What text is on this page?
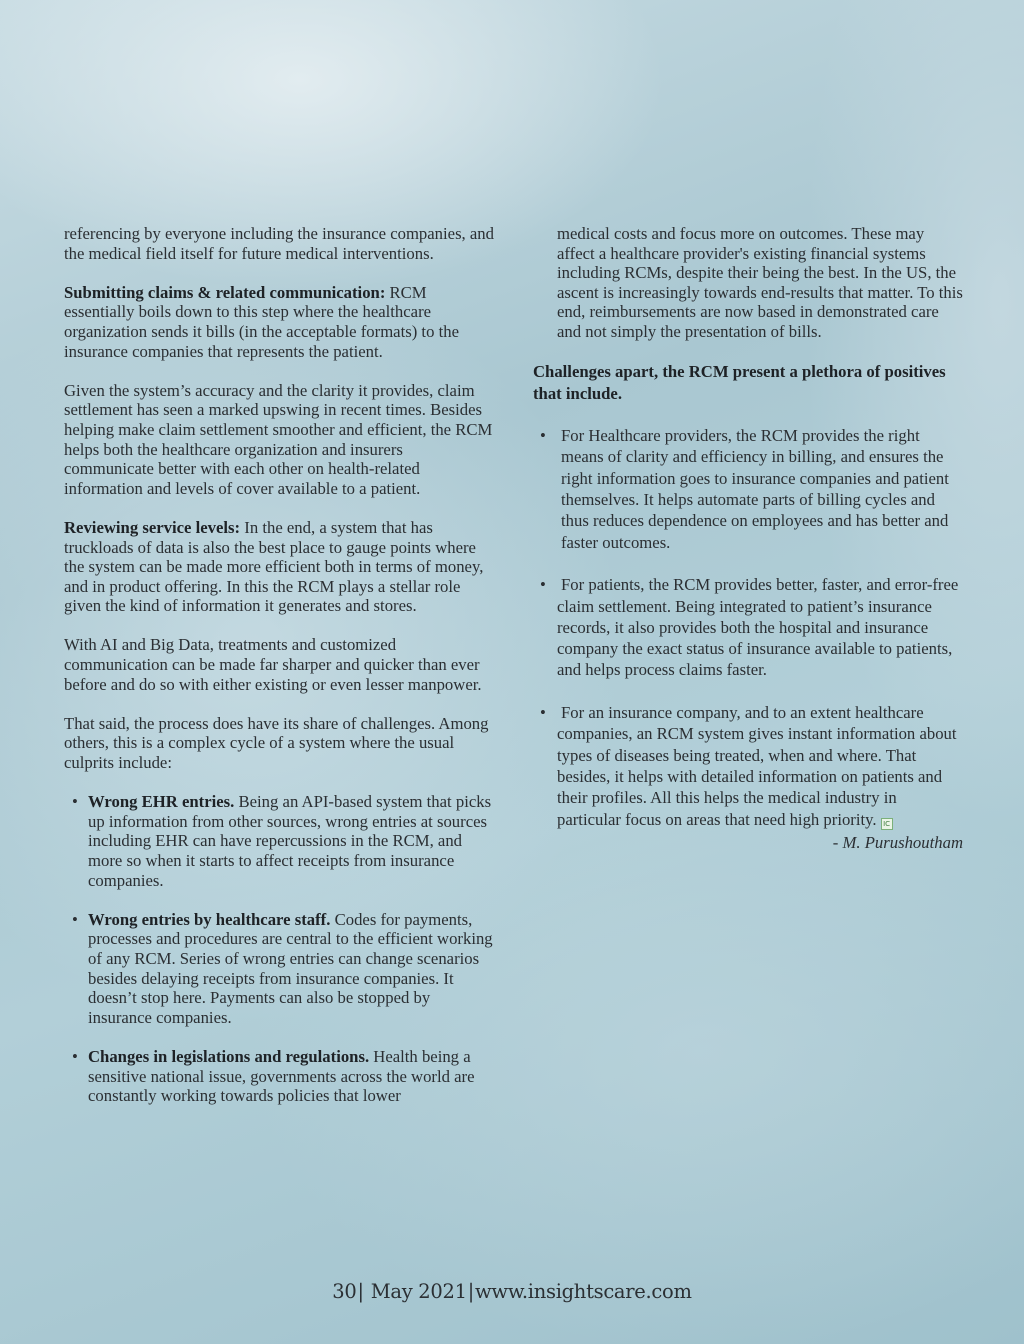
referencing by everyone including the insurance companies, and the medical field itself for future medical interventions.

Submitting claims & related communication: RCM essentially boils down to this step where the healthcare organization sends it bills (in the acceptable formats) to the insurance companies that represents the patient.

Given the system’s accuracy and the clarity it provides, claim settlement has seen a marked upswing in recent times. Besides helping make claim settlement smoother and efficient, the RCM helps both the healthcare organization and insurers communicate better with each other on health-related information and levels of cover available to a patient.

Reviewing service levels: In the end, a system that has truckloads of data is also the best place to gauge points where the system can be made more efficient both in terms of money, and in product offering. In this the RCM plays a stellar role given the kind of information it generates and stores.

With AI and Big Data, treatments and customized communication can be made far sharper and quicker than ever before and do so with either existing or even lesser manpower.

That said, the process does have its share of challenges. Among others, this is a complex cycle of a system where the usual culprits include:

• Wrong EHR entries. Being an API-based system that picks up information from other sources, wrong entries at sources including EHR can have repercussions in the RCM, and more so when it starts to affect receipts from insurance companies.
• Wrong entries by healthcare staff. Codes for payments, processes and procedures are central to the efficient working of any RCM. Series of wrong entries can change scenarios besides delaying receipts from insurance companies. It doesn’t stop here. Payments can also be stopped by insurance companies.
• Changes in legislations and regulations. Health being a sensitive national issue, governments across the world are constantly working towards policies that lower

medical costs and focus more on outcomes. These may affect a healthcare provider's existing financial systems including RCMs, despite their being the best. In the US, the ascent is increasingly towards end-results that matter. To this end, reimbursements are now based in demonstrated care and not simply the presentation of bills.

Challenges apart, the RCM present a plethora of positives that include.
• For Healthcare providers, the RCM provides the right means of clarity and efficiency in billing, and ensures the right information goes to insurance companies and patient themselves. It helps automate parts of billing cycles and thus reduces dependence on employees and has better and faster outcomes.
• For patients, the RCM provides better, faster, and error-free claim settlement. Being integrated to patient’s insurance records, it also provides both the hospital and insurance company the exact status of insurance available to patients, and helps process claims faster.
• For an insurance company, and to an extent healthcare companies, an RCM system gives instant information about types of diseases being treated, when and where. That besides, it helps with detailed information on patients and their profiles. All this helps the medical industry in particular focus on areas that need high priority. IC
- M. Purushoutham
30| May 2021|www.insightscare.com
